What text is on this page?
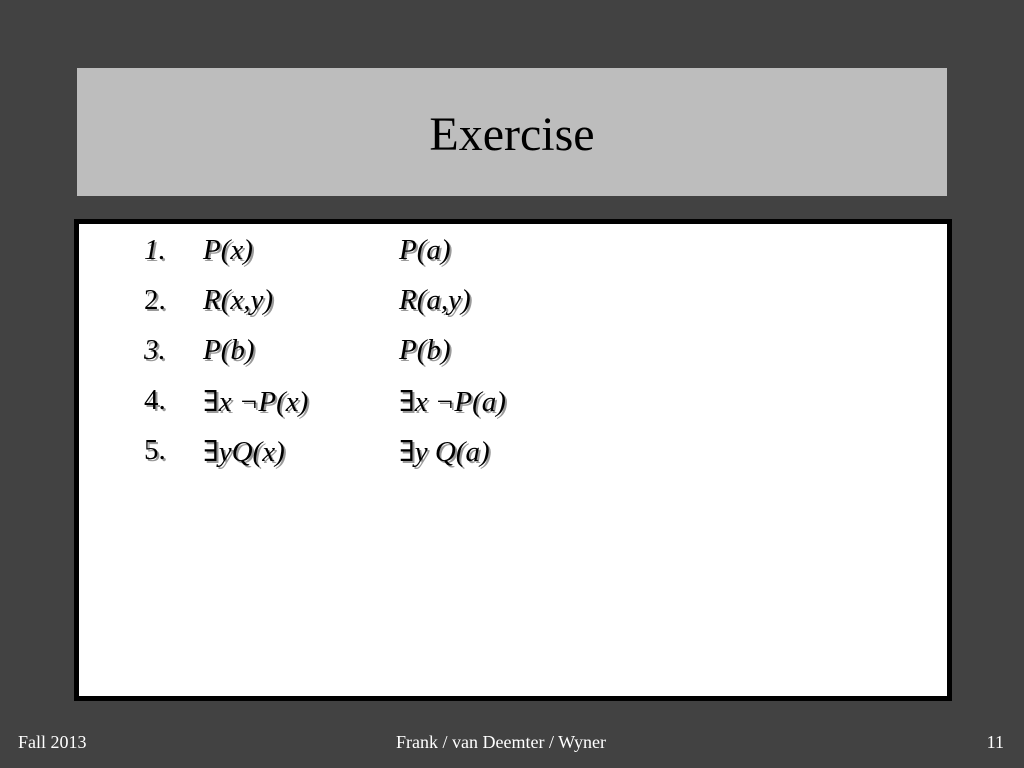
Exercise
1. P(x)	P(a)
2. R(x,y)	R(a,y)
3. P(b)	P(b)
4. ∃x ¬P(x)	∃x ¬P(a)
5. ∃yQ(x)	∃y Q(a)
Fall 2013	Frank / van Deemter / Wyner	11
